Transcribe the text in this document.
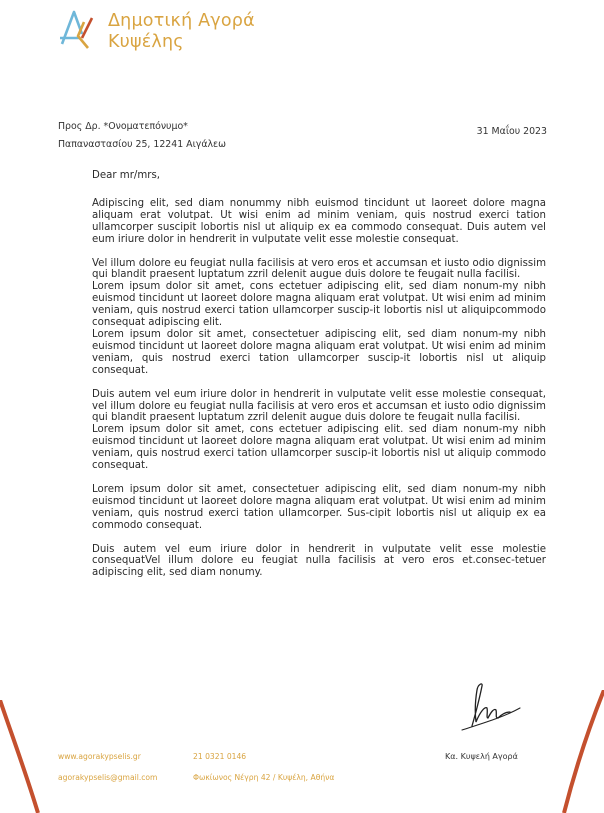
Δημοτική Αγορά
Κυψέλης
Προς Δρ. *Ονοματεπόνυμο*
Παπαναστασίου 25, 12241 Αιγάλεω
31 Μαΐου 2023

Dear mr/mrs,

Adipiscing elit, sed diam nonummy nibh euismod tincidunt ut laoreet dolore magna aliquam erat volutpat. Ut wisi enim ad minim veniam, quis nostrud exerci tation ullamcorper suscipit lobortis nisl ut aliquip ex ea commodo consequat. Duis autem vel eum iriure dolor in hendrerit in vulputate velit esse molestie consequat.

Vel illum dolore eu feugiat nulla facilisis at vero eros et accumsan et iusto odio dignissim qui blandit praesent luptatum zzril delenit augue duis dolore te feugait nulla facilisi.

Lorem ipsum dolor sit amet, cons ectetuer adipiscing elit, sed diam nonum-my nibh euismod tincidunt ut laoreet dolore magna aliquam erat volutpat. Ut wisi enim ad minim veniam, quis nostrud exerci tation ullamcorper suscip-it lobortis nisl ut aliquipcommodo consequat adipiscing elit.

Lorem ipsum dolor sit amet, consectetuer adipiscing elit, sed diam nonum-my nibh euismod tincidunt ut laoreet dolore magna aliquam erat volutpat. Ut wisi enim ad minim veniam, quis nostrud exerci tation ullamcorper suscip-it lobortis nisl ut aliquip consequat.

Duis autem vel eum iriure dolor in hendrerit in vulputate velit esse molestie consequat, vel illum dolore eu feugiat nulla facilisis at vero eros et accumsan et iusto odio dignissim qui blandit praesent luptatum zzril delenit augue duis dolore te feugait nulla facilisi.

Lorem ipsum dolor sit amet, cons ectetuer adipiscing elit. sed diam nonum-my nibh euismod tincidunt ut laoreet dolore magna aliquam erat volutpat. Ut wisi enim ad minim veniam, quis nostrud exerci tation ullamcorper suscip-it lobortis nisl ut aliquip commodo consequat.

Lorem ipsum dolor sit amet, consectetuer adipiscing elit, sed diam nonum-my nibh euismod tincidunt ut laoreet dolore magna aliquam erat volutpat. Ut wisi enim ad minim veniam, quis nostrud exerci tation ullamcorper. Sus-cipit lobortis nisl ut aliquip ex ea commodo consequat.

Duis autem vel eum iriure dolor in hendrerit in vulputate velit esse molestie consequatVel illum dolore eu feugiat nulla facilisis at vero eros et.consec-tetuer adipiscing elit, sed diam nonumy.

Κα. Κυψελή Αγορά
www.agorakypselis.gr	21 0321 0146
agorakypselis@gmail.com	Φωκίωνος Νέγρη 42 / Κυψέλη, Αθήνα
